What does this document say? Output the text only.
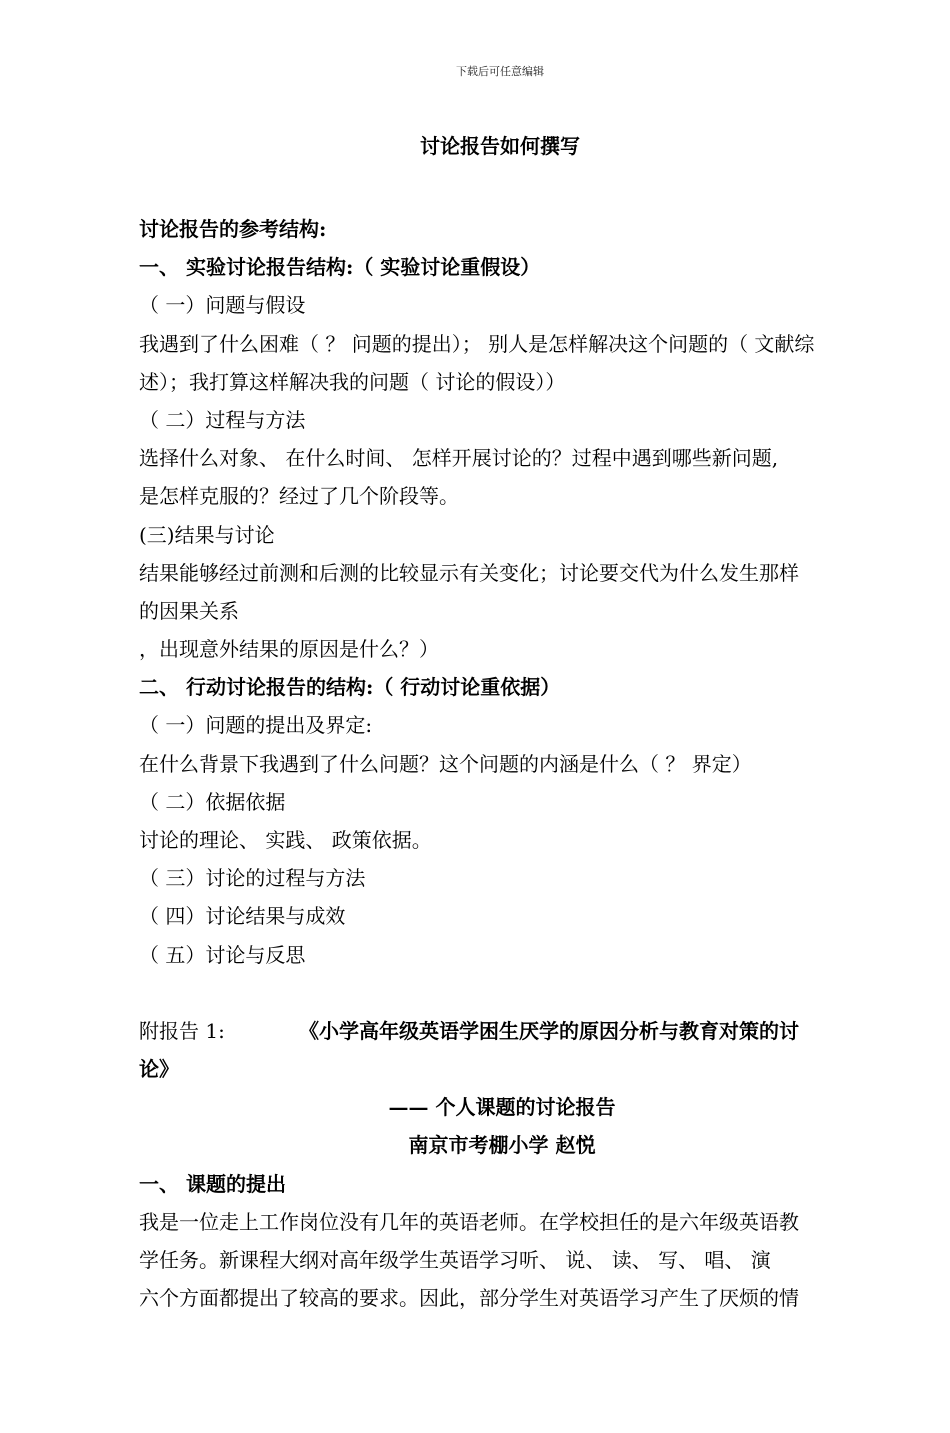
下载后可任意编辑
讨论报告如何撰写
讨论报告的参考结构:
一、 实验讨论报告结构:（ 实验讨论重假设）
（ 一）问题与假设
我遇到了什么困难（ ？ 问题的提出）； 别人是怎样解决这个问题的（ 文献综
述）；我打算这样解决我的问题（ 讨论的假设））
（ 二）过程与方法
选择什么对象、 在什么时间、 怎样开展讨论的？过程中遇到哪些新问题,
是怎样克服的？经过了几个阶段等。
(三)结果与讨论
结果能够经过前测和后测的比较显示有关变化；讨论要交代为什么发生那样
的因果关系
，出现意外结果的原因是什么？）
二、 行动讨论报告的结构:（ 行动讨论重依据）
（ 一）问题的提出及界定:
在什么背景下我遇到了什么问题？这个问题的内涵是什么（ ？ 界定）
（ 二）依据依据
讨论的理论、 实践、 政策依据。
（ 三）讨论的过程与方法
（ 四）讨论结果与成效
（ 五）讨论与反思
附报告 1:	《小学高年级英语学困生厌学的原因分析与教育对策的讨
论》
—— 个人课题的讨论报告
南京市考棚小学 赵悦
一、 课题的提出
我是一位走上工作岗位没有几年的英语老师。在学校担任的是六年级英语教
学任务。新课程大纲对高年级学生英语学习听、 说、 读、 写、 唱、 演
六个方面都提出了较高的要求。因此，部分学生对英语学习产生了厌烦的情
